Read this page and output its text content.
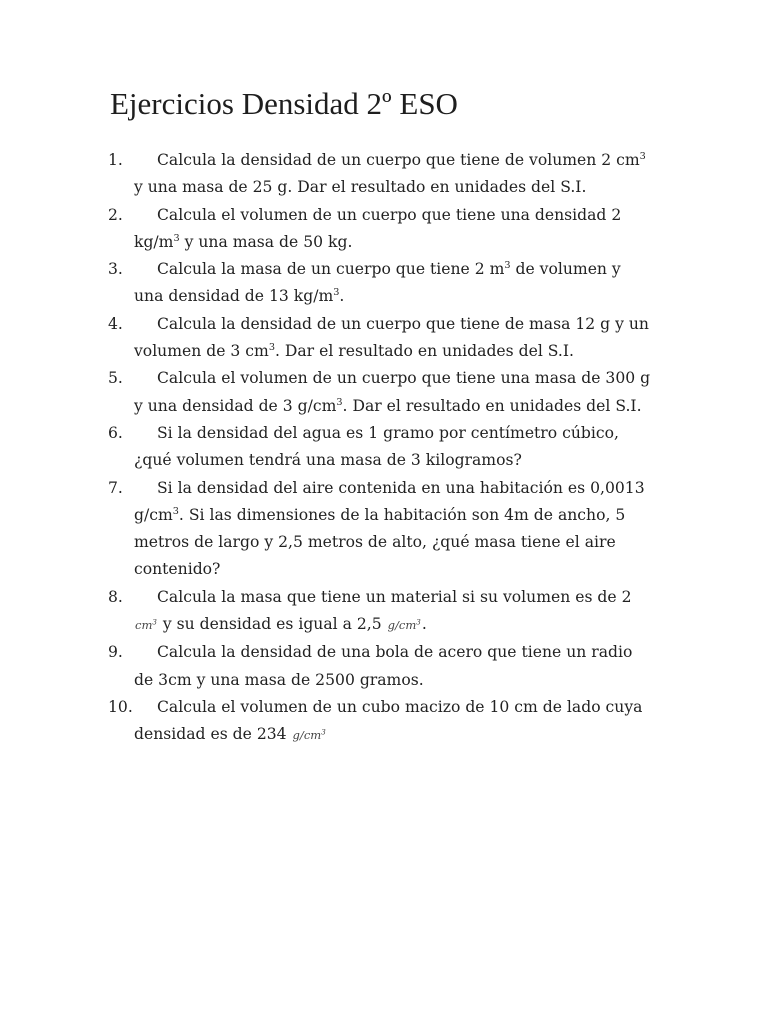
Ejercicios Densidad 2º ESO
1. Calcula la densidad de un cuerpo que tiene de volumen 2 $cm^3$ y una masa de 25 g. Dar el resultado en unidades del S.I.
2. Calcula el volumen de un cuerpo que tiene una densidad 2 $kg/m^3$ y una masa de 50 kg.
3. Calcula la masa de un cuerpo que tiene 2 $m^3$ de volumen y una densidad de 13 $kg/m^3$.
4. Calcula la densidad de un cuerpo que tiene de masa 12 g y un volumen de 3 $cm^3$. Dar el resultado en unidades del S.I.
5. Calcula el volumen de un cuerpo que tiene una masa de 300 g y una densidad de 3 $g/cm^3$. Dar el resultado en unidades del S.I.
6. Si la densidad del agua es 1 gramo por centímetro cúbico, ¿qué volumen tendrá una masa de 3 kilogramos?
7. Si la densidad del aire contenida en una habitación es 0,0013 $g/cm^3$. Si las dimensiones de la habitación son 4m de ancho, 5 metros de largo y 2,5 metros de alto, ¿qué masa tiene el aire contenido?
8. Calcula la masa que tiene un material si su volumen es de 2 $cm^3$ y su densidad es igual a 2,5 $g/cm^3$.
9. Calcula la densidad de una bola de acero que tiene un radio de 3cm y una masa de 2500 gramos.
10. Calcula el volumen de un cubo macizo de 10 cm de lado cuya densidad es de 234 $g/cm^3$
